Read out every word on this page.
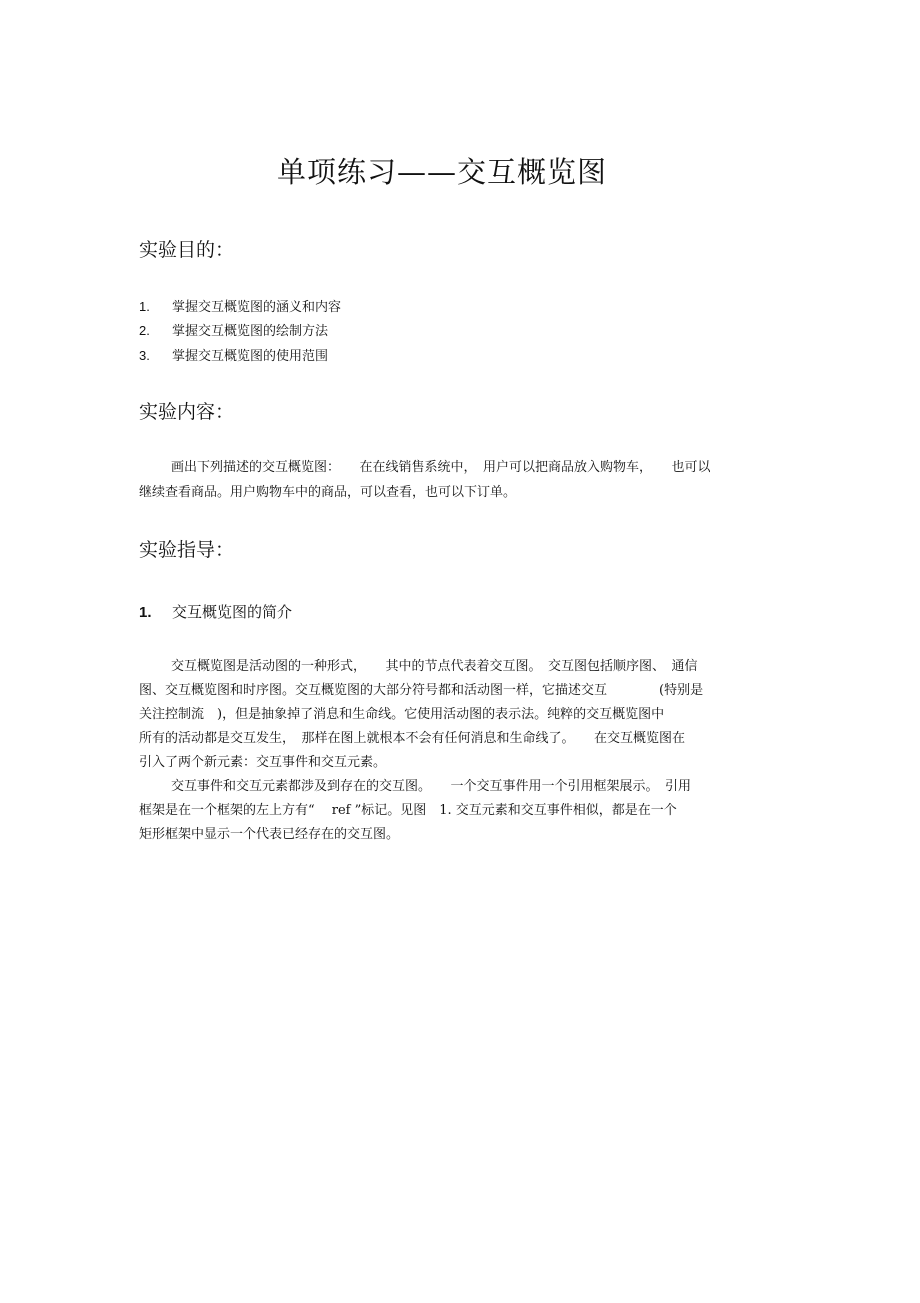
单项练习——交互概览图
实验目的：
1. 掌握交互概览图的涵义和内容
2. 掌握交互概览图的绘制方法
3. 掌握交互概览图的使用范围
实验内容：
画出下列描述的交互概览图：　　在在线销售系统中，　用户可以把商品放入购物车，　　也可以
继续查看商品。用户购物车中的商品，可以查看，也可以下订单。
实验指导：
1. 交互概览图的简介
交互概览图是活动图的一种形式，　　其中的节点代表着交互图。　交互图包括顺序图、　通信
图、交互概览图和时序图。交互概览图的大部分符号都和活动图一样，它描述交互　　　　(特别是
关注控制流　)，但是抽象掉了消息和生命线。它使用活动图的表示法。纯粹的交互概览图中
所有的活动都是交互发生，　那样在图上就根本不会有任何消息和生命线了。　　在交互概览图在
引入了两个新元素：交互事件和交互元素。
交互事件和交互元素都涉及到存在的交互图。　　一个交互事件用一个引用框架展示。　引用
框架是在一个框架的左上方有“　 ref ”标记。见图　1. 交互元素和交互事件相似，都是在一个
矩形框架中显示一个代表已经存在的交互图。
